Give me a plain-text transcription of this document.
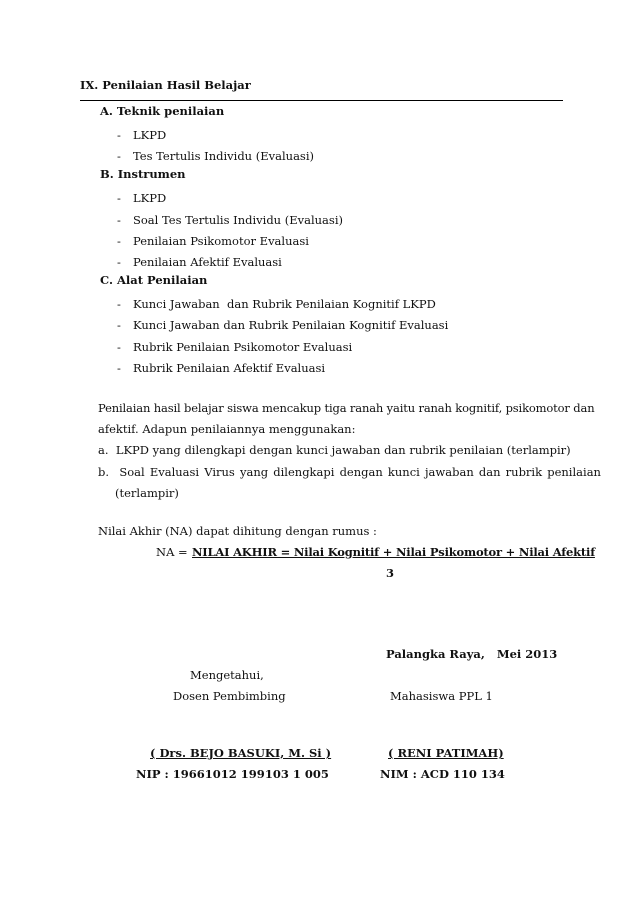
IX. Penilaian Hasil Belajar
A. Teknik penilaian
- LKPD
- Tes Tertulis Individu (Evaluasi)
B. Instrumen
- LKPD
- Soal Tes Tertulis Individu (Evaluasi)
- Penilaian Psikomotor Evaluasi
- Penilaian Afektif Evaluasi
C. Alat Penilaian
- Kunci Jawaban  dan Rubrik Penilaian Kognitif LKPD
- Kunci Jawaban dan Rubrik Penilaian Kognitif Evaluasi
- Rubrik Penilaian Psikomotor Evaluasi
- Rubrik Penilaian Afektif Evaluasi
Penilaian hasil belajar siswa mencakup tiga ranah yaitu ranah kognitif, psikomotor dan
afektif. Adapun penilaiannya menggunakan:
a.  LKPD yang dilengkapi dengan kunci jawaban dan rubrik penilaian (terlampir)
b.  Soal Evaluasi Virus yang dilengkapi dengan kunci jawaban dan rubrik penilaian
(terlampir)
Nilai Akhir (NA) dapat dihitung dengan rumus :
NA = NILAI AKHIR = Nilai Kognitif + Nilai Psikomotor + Nilai Afektif
3
Palangka Raya,   Mei 2013
Mengetahui,
Dosen Pembimbing	Mahasiswa PPL 1
( Drs. BEJO BASUKI, M. Si )	( RENI PATIMAH)
NIP : 19661012 199103 1 005	NIM : ACD 110 134
